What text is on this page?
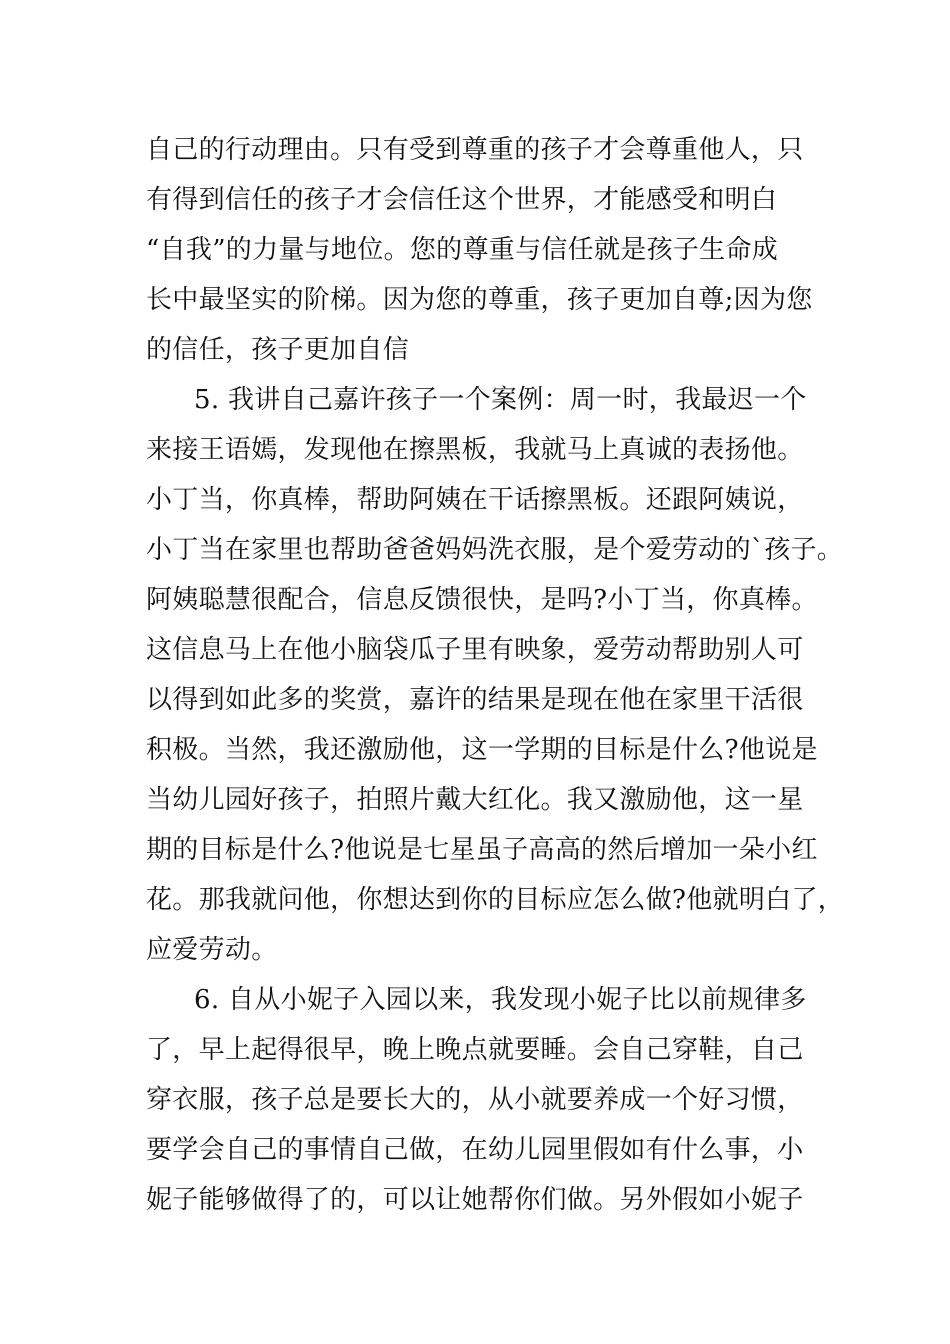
自己的行动理由。只有受到尊重的孩子才会尊重他人，只
有得到信任的孩子才会信任这个世界，才能感受和明白
“自我”的力量与地位。您的尊重与信任就是孩子生命成
长中最坚实的阶梯。因为您的尊重，孩子更加自尊;因为您
的信任，孩子更加自信
5. 我讲自己嘉许孩子一个案例：周一时，我最迟一个
来接王语嫣，发现他在擦黑板，我就马上真诚的表扬他。
小丁当，你真棒，帮助阿姨在干话擦黑板。还跟阿姨说，
小丁当在家里也帮助爸爸妈妈洗衣服，是个爱劳动的`孩子。
阿姨聪慧很配合，信息反馈很快，是吗?小丁当，你真棒。
这信息马上在他小脑袋瓜子里有映象，爱劳动帮助别人可
以得到如此多的奖赏，嘉许的结果是现在他在家里干活很
积极。当然，我还激励他，这一学期的目标是什么?他说是
当幼儿园好孩子，拍照片戴大红化。我又激励他，这一星
期的目标是什么?他说是七星虽子高高的然后增加一朵小红
花。那我就问他，你想达到你的目标应怎么做?他就明白了，
应爱劳动。
6. 自从小妮子入园以来，我发现小妮子比以前规律多
了，早上起得很早，晚上晚点就要睡。会自己穿鞋，自己
穿衣服，孩子总是要长大的，从小就要养成一个好习惯，
要学会自己的事情自己做，在幼儿园里假如有什么事，小
妮子能够做得了的，可以让她帮你们做。另外假如小妮子
